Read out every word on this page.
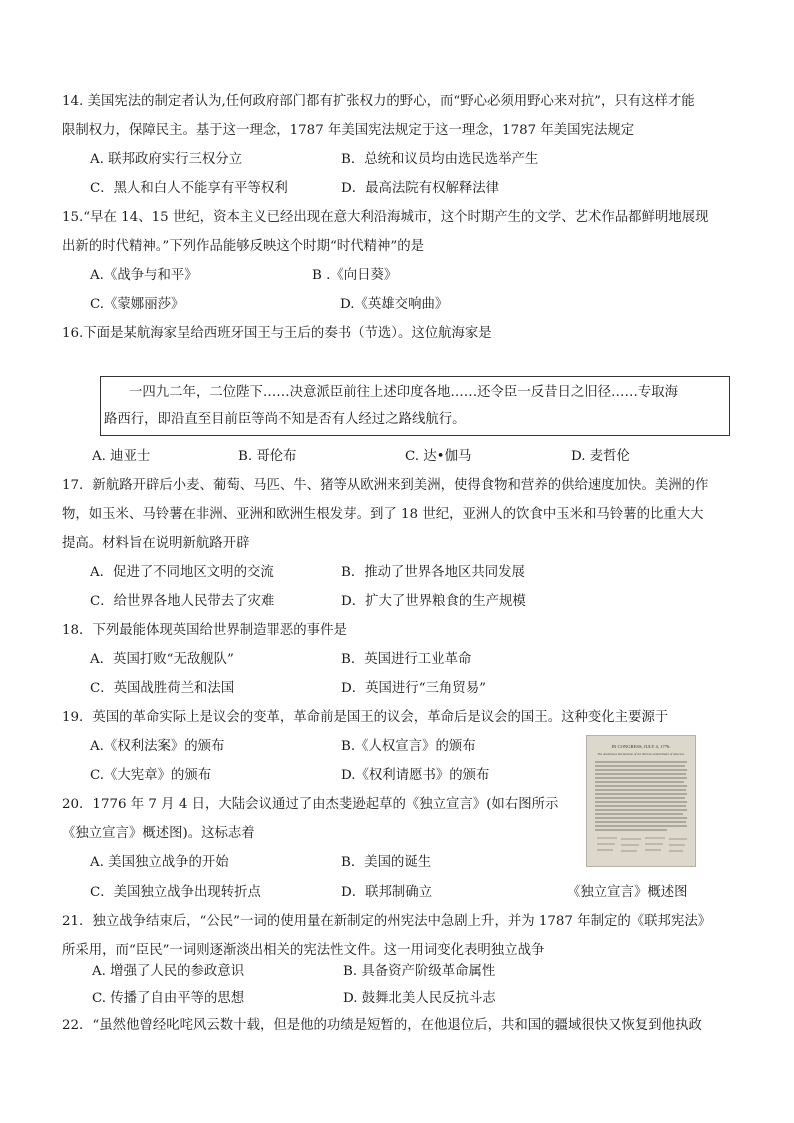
14. 美国宪法的制定者认为,任何政府部门都有扩张权力的野心，而“野心必须用野心来对抗”，只有这样才能
限制权力，保障民主。基于这一理念，1787 年美国宪法规定于这一理念，1787 年美国宪法规定
A. 联邦政府实行三权分立	B．总统和议员均由选民选举产生
C．黑人和白人不能享有平等权利	D．最高法院有权解释法律
15.“早在 14、15 世纪，资本主义已经出现在意大利沿海城市，这个时期产生的文学、艺术作品都鲜明地展现
出新的时代精神。”下列作品能够反映这个时期“时代精神”的是
A.《战争与和平》	B .《向日葵》
C.《蒙娜丽莎》	D.《英雄交响曲》
16.下面是某航海家呈给西班牙国王与王后的奏书（节选）。这位航海家是
一四九二年，二位陛下……决意派臣前往上述印度各地……还令臣一反昔日之旧径……专取海
路西行，即沿直至目前臣等尚不知是否有人经过之路线航行。
A. 迪亚士	B. 哥伦布	C. 达•伽马	D. 麦哲伦
17．新航路开辟后小麦、葡萄、马匹、牛、猪等从欧洲来到美洲，使得食物和营养的供给速度加快。美洲的作
物，如玉米、马铃薯在非洲、亚洲和欧洲生根发芽。到了 18 世纪，亚洲人的饮食中玉米和马铃薯的比重大大
提高。材料旨在说明新航路开辟
A．促进了不同地区文明的交流	B．推动了世界各地区共同发展
C．给世界各地人民带去了灾难	D．扩大了世界粮食的生产规模
18．下列最能体现英国给世界制造罪恶的事件是
A．英国打败“无敌舰队”	B．英国进行工业革命
C．英国战胜荷兰和法国	D．英国进行“三角贸易”
19．英国的革命实际上是议会的变革，革命前是国王的议会，革命后是议会的国王。这种变化主要源于
A.《权利法案》的颁布	B.《人权宣言》的颁布
C.《大宪章》的颁布	D.《权利请愿书》的颁布
IN CONGRESS, JULY 4, 1776.
The unanimous Declaration of the thirteen united States of America.
20．1776 年 7 月 4 日，大陆会议通过了由杰斐逊起草的《独立宣言》(如右图所示
《独立宣言》概述图)。这标志着
A. 美国独立战争的开始	B．美国的诞生
C．美国独立战争出现转折点	D．联邦制确立	《独立宣言》概述图
21．独立战争结束后，“公民”一词的使用量在新制定的州宪法中急剧上升，并为 1787 年制定的《联邦宪法》
所采用，而“臣民”一词则逐渐淡出相关的宪法性文件。这一用词变化表明独立战争
A. 增强了人民的参政意识	B. 具备资产阶级革命属性
C. 传播了自由平等的思想	D. 鼓舞北美人民反抗斗志
22．“虽然他曾经叱咤风云数十载，但是他的功绩是短暂的，在他退位后，共和国的疆域很快又恢复到他执政
